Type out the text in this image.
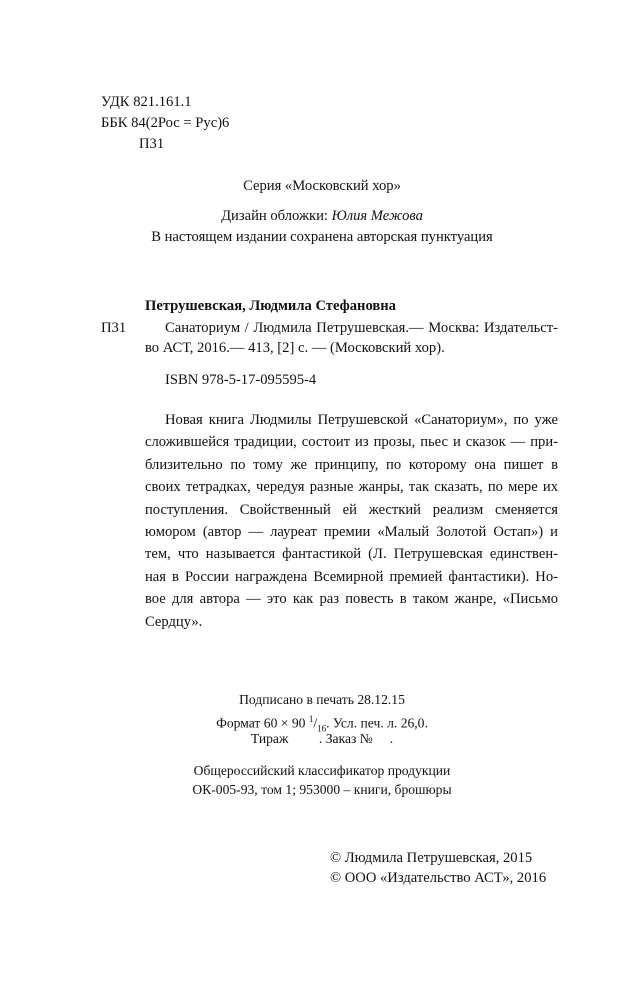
УДК 821.161.1
ББК 84(2Рос = Рус)6
П31
Серия «Московский хор»
Дизайн обложки: Юлия Межова
В настоящем издании сохранена авторская пунктуация
Петрушевская, Людмила Стефановна
П31	Санаториум / Людмила Петрушевская.— Москва: Издательст-
во АСТ, 2016.— 413, [2] с. — (Московский хор).
ISBN 978-5-17-095595-4
Новая книга Людмилы Петрушевской «Санаториум», по уже
сложившейся традиции, состоит из прозы, пьес и сказок — при-
близительно по тому же принципу, по которому она пишет в
своих тетрадках, чередуя разные жанры, так сказать, по мере их
поступления. Свойственный ей жесткий реализм сменяется
юмором (автор — лауреат премии «Малый Золотой Остап») и
тем, что называется фантастикой (Л. Петрушевская единствен-
ная в России награждена Всемирной премией фантастики). Но-
вое для автора — это как раз повесть в таком жанре, «Письмо
Сердцу».
Подписано в печать 28.12.15
Формат 60 × 90 $^1/_{16}$. Усл. печ. л. 26,0.
Тираж         . Заказ №     .
Общероссийский классификатор продукции
ОК-005-93, том 1; 953000 – книги, брошюры
© Людмила Петрушевская, 2015
© ООО «Издательство АСТ», 2016
